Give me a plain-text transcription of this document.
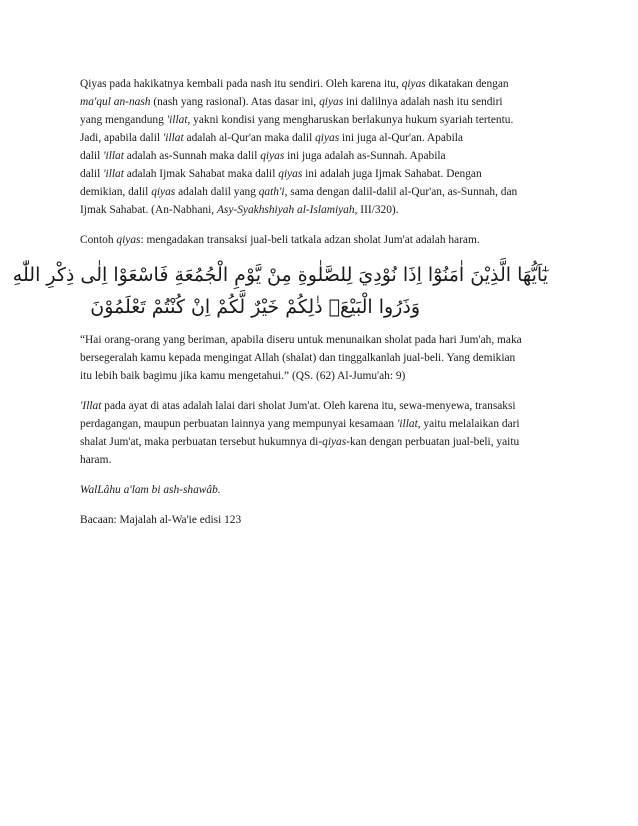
Qiyas pada hakikatnya kembali pada nash itu sendiri. Oleh karena itu, qiyas dikatakan dengan
ma'qul an-nash (nash yang rasional). Atas dasar ini, qiyas ini dalilnya adalah nash itu sendiri
yang mengandung 'illat, yakni kondisi yang mengharuskan berlakunya hukum syariah tertentu.
Jadi, apabila dalil 'illat adalah al-Qur'an maka dalil qiyas ini juga al-Qur'an. Apabila
dalil 'illat adalah as-Sunnah maka dalil qiyas ini juga adalah as-Sunnah. Apabila
dalil 'illat adalah Ijmak Sahabat maka dalil qiyas ini adalah juga Ijmak Sahabat. Dengan
demikian, dalil qiyas adalah dalil yang qath'i, sama dengan dalil-dalil al-Qur'an, as-Sunnah, dan
Ijmak Sahabat. (An-Nabhani, Asy-Syakhshiyah al-Islamiyah, III/320).

Contoh qiyas: mengadakan transaksi jual-beli tatkala adzan sholat Jum'at adalah haram.

يٰٓاَيُّهَا الَّذِيْنَ اٰمَنُوْٓا اِذَا نُوْدِيَ لِلصَّلٰوةِ مِنْ يَّوْمِ الْجُمُعَةِ فَاسْعَوْا اِلٰى ذِكْرِ اللّٰهِ
وَذَرُوا الْبَيْعَۗ ذٰلِكُمْ خَيْرٌ لَّكُمْ اِنْ كُنْتُمْ تَعْلَمُوْنَ

“Hai orang-orang yang beriman, apabila diseru untuk menunaikan sholat pada hari Jum'ah, maka
bersegeralah kamu kepada mengingat Allah (shalat) dan tinggalkanlah jual-beli. Yang demikian
itu lebih baik bagimu jika kamu mengetahui.” (QS. (62) Al-Jumu'ah: 9)

'Illat pada ayat di atas adalah lalai dari sholat Jum'at. Oleh karena itu, sewa-menyewa, transaksi
perdagangan, maupun perbuatan lainnya yang mempunyai kesamaan 'illat, yaitu melalaikan dari
shalat Jum'at, maka perbuatan tersebut hukumnya di-qiyas-kan dengan perbuatan jual-beli, yaitu
haram.

WalLâhu a'lam bi ash-shawâb.

Bacaan: Majalah al-Wa'ie edisi 123
